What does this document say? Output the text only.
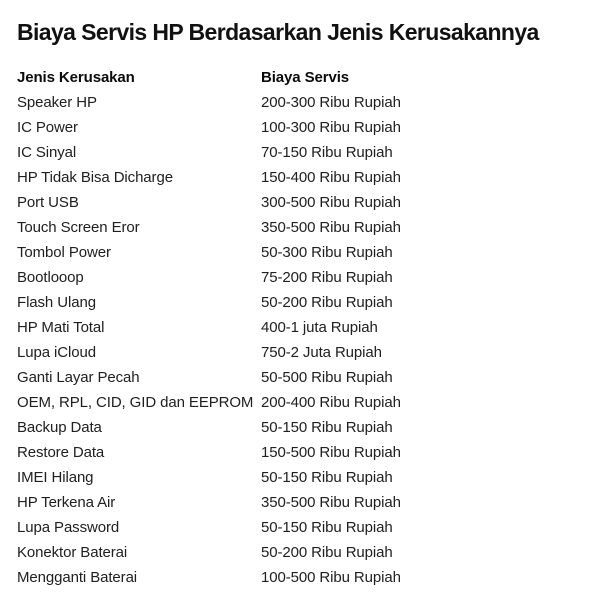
Biaya Servis HP Berdasarkan Jenis Kerusakannya
Jenis Kerusakan	Biaya Servis
Speaker HP	200-300 Ribu Rupiah
IC Power	100-300 Ribu Rupiah
IC Sinyal	70-150 Ribu Rupiah
HP Tidak Bisa Dicharge	150-400 Ribu Rupiah
Port USB	300-500 Ribu Rupiah
Touch Screen Eror	350-500 Ribu Rupiah
Tombol Power	50-300 Ribu Rupiah
Bootlooop	75-200 Ribu Rupiah
Flash Ulang	50-200 Ribu Rupiah
HP Mati Total	400-1 juta Rupiah
Lupa iCloud	750-2 Juta Rupiah
Ganti Layar Pecah	50-500 Ribu Rupiah
OEM, RPL, CID, GID dan EEPROM 200-400 Ribu Rupiah
Backup Data	50-150 Ribu Rupiah
Restore Data	150-500 Ribu Rupiah
IMEI Hilang	50-150 Ribu Rupiah
HP Terkena Air	350-500 Ribu Rupiah
Lupa Password	50-150 Ribu Rupiah
Konektor Baterai	50-200 Ribu Rupiah
Mengganti Baterai	100-500 Ribu Rupiah
